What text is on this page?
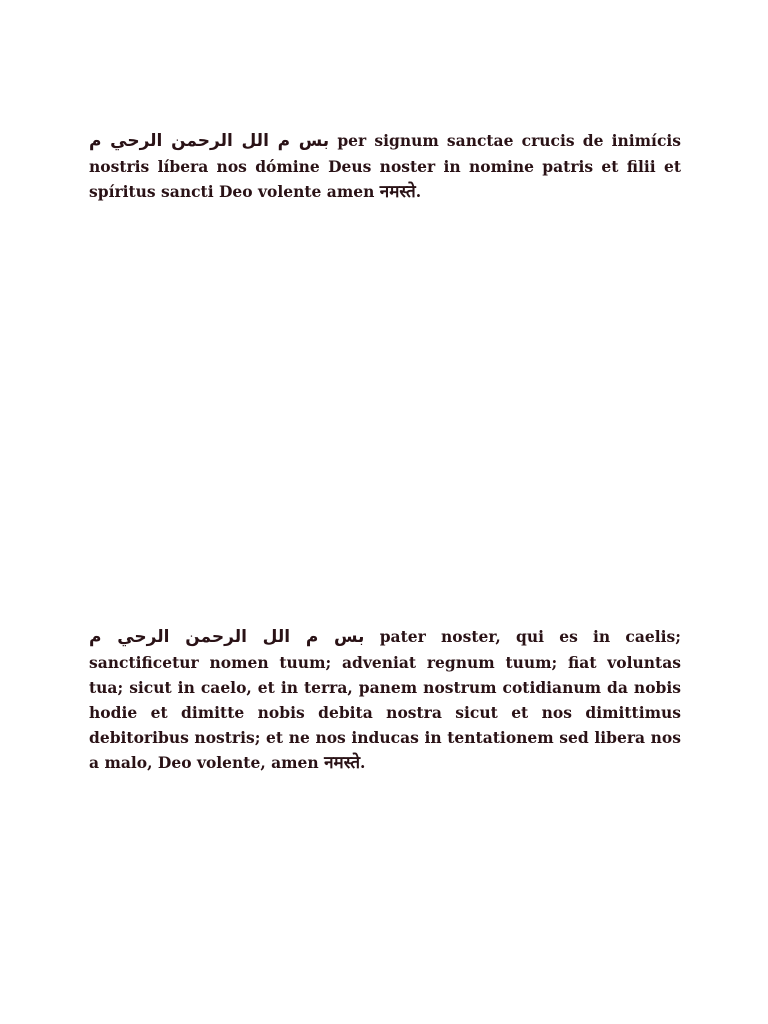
بس م الل الرحمن الرحي م per signum sanctae crucis de inimícis nostris líbera nos dómine Deus noster in nomine patris et filii et spíritus sancti Deo volente amen नमस्ते.

بس م الل الرحمن الرحي م pater noster, qui es in caelis; sanctificetur nomen tuum; adveniat regnum tuum; fiat voluntas tua; sicut in caelo, et in terra, panem nostrum cotidianum da nobis hodie et dimitte nobis debita nostra sicut et nos dimittimus debitoribus nostris; et ne nos inducas in tentationem sed libera nos a malo, Deo volente, amen नमस्ते.
